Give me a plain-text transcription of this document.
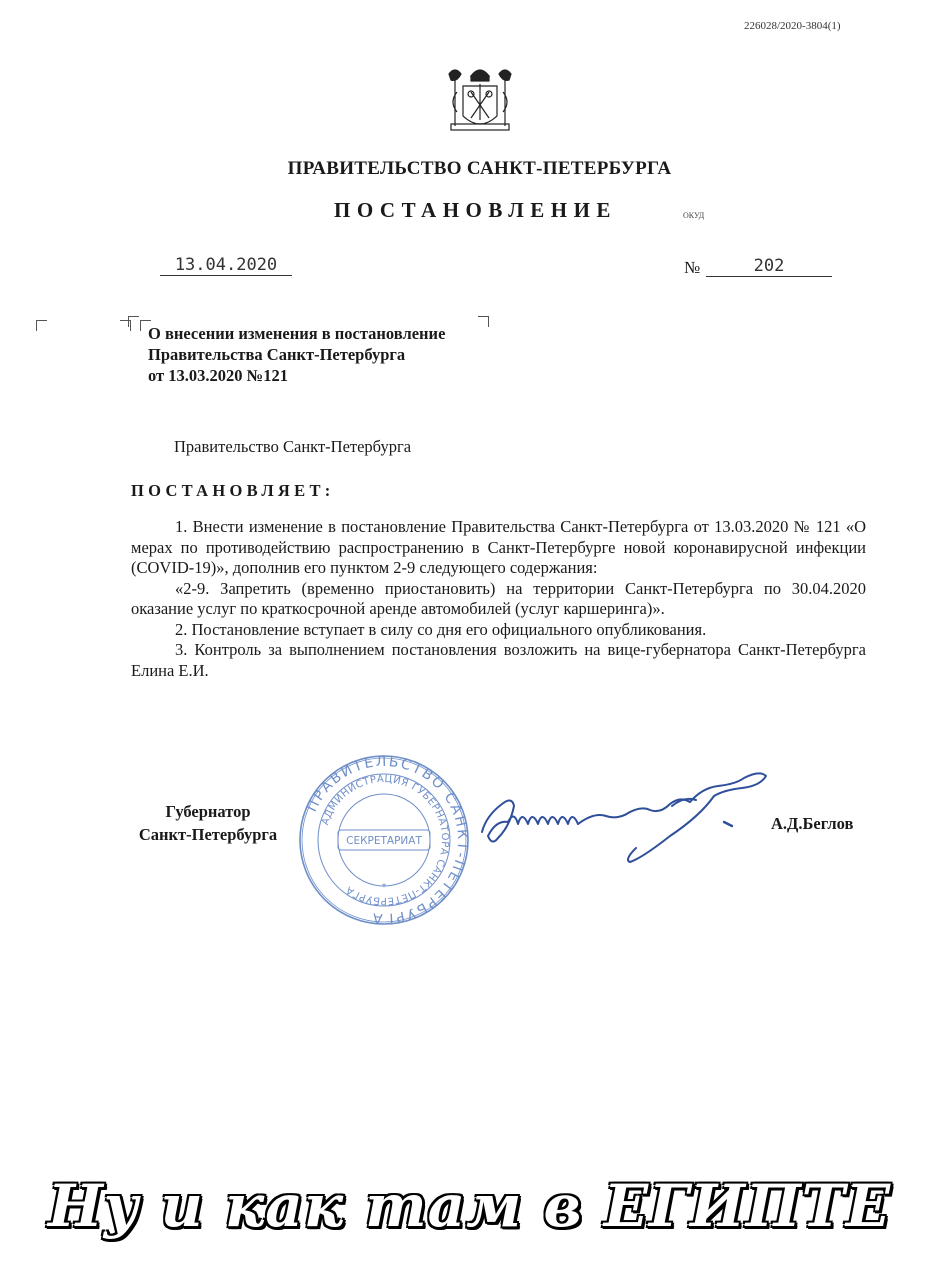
226028/2020-3804(1)
ПРАВИТЕЛЬСТВО САНКТ-ПЕТЕРБУРГА
ПОСТАНОВЛЕНИЕ	ОКУД
13.04.2020	№	202
О внесении изменения в постановление
Правительства Санкт-Петербурга
от 13.03.2020 №121
Правительство Санкт-Петербурга
ПОСТАНОВЛЯЕТ:

1. Внести изменение в постановление Правительства Санкт-Петербурга от 13.03.2020 № 121 «О мерах по противодействию распространению в Санкт-Петербурге новой коронавирусной инфекции (COVID-19)», дополнив его пунктом 2-9 следующего содержания:

«2-9. Запретить (временно приостановить) на территории Санкт-Петербурга по 30.04.2020 оказание услуг по краткосрочной аренде автомобилей (услуг каршеринга)».

2. Постановление вступает в силу со дня его официального опубликования.

3. Контроль за выполнением постановления возложить на вице-губернатора Санкт-Петербурга Елина Е.И.

Губернатор
Санкт-Петербурга
ПРАВИТЕЛЬСТВО САНКТ-ПЕТЕРБУРГА
АДМИНИСТРАЦИЯ ГУБЕРНАТОРА САНКТ-ПЕТЕРБУРГА
СЕКРЕТАРИАТ
*
А.Д.Беглов
Ну и как там в ЕГИПТЕ
